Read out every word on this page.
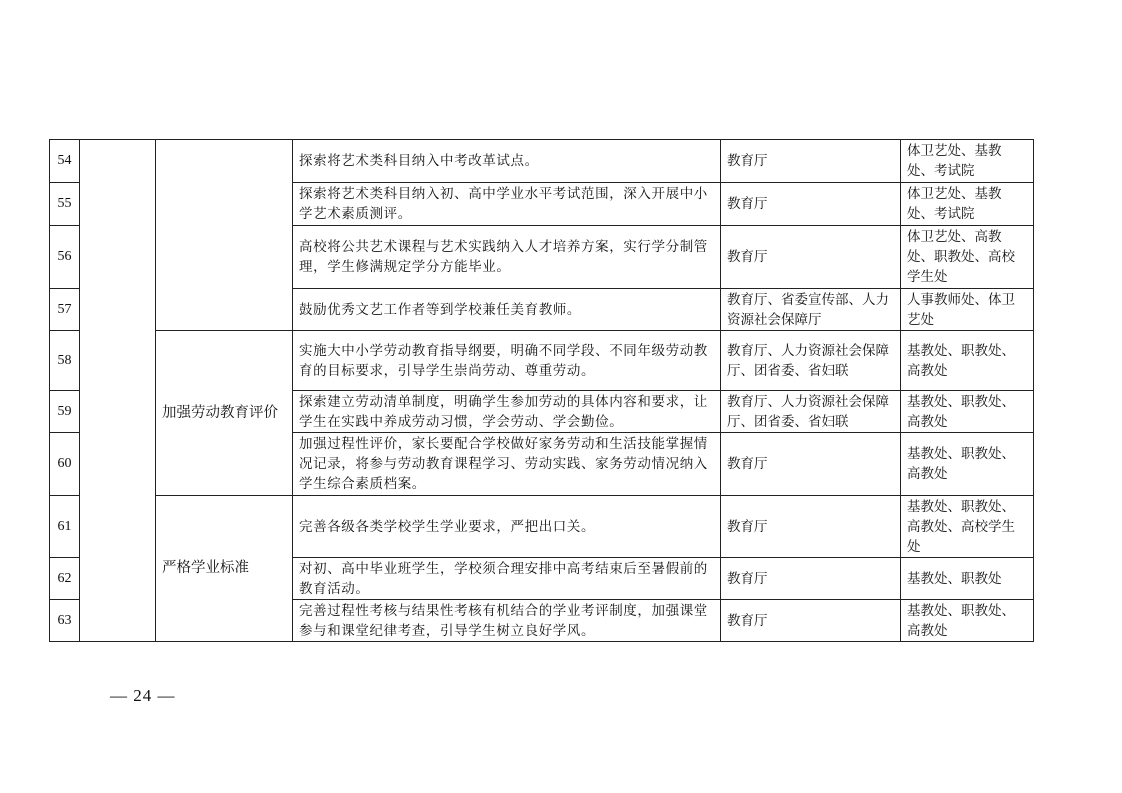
54			探索将艺术类科目纳入中考改革试点。	教育厅	体卫艺处、基教处、考试院
55			探索将艺术类科目纳入初、高中学业水平考试范围，深入开展中小学艺术素质测评。	教育厅	体卫艺处、基教处、考试院
56			高校将公共艺术课程与艺术实践纳入人才培养方案，实行学分制管理，学生修满规定学分方能毕业。	教育厅	体卫艺处、高教处、职教处、高校学生处
57			鼓励优秀文艺工作者等到学校兼任美育教师。	教育厅、省委宣传部、人力资源社会保障厅	人事教师处、体卫艺处
58		加强劳动教育评价	实施大中小学劳动教育指导纲要，明确不同学段、不同年级劳动教育的目标要求，引导学生崇尚劳动、尊重劳动。	教育厅、人力资源社会保障厅、团省委、省妇联	基教处、职教处、高教处
59			探索建立劳动清单制度，明确学生参加劳动的具体内容和要求，让学生在实践中养成劳动习惯，学会劳动、学会勤俭。	教育厅、人力资源社会保障厅、团省委、省妇联	基教处、职教处、高教处
60			加强过程性评价，家长要配合学校做好家务劳动和生活技能掌握情况记录，将参与劳动教育课程学习、劳动实践、家务劳动情况纳入学生综合素质档案。	教育厅	基教处、职教处、高教处
61		严格学业标准	完善各级各类学校学生学业要求，严把出口关。	教育厅	基教处、职教处、高教处、高校学生处
62			对初、高中毕业班学生，学校须合理安排中高考结束后至暑假前的教育活动。	教育厅	基教处、职教处
63			完善过程性考核与结果性考核有机结合的学业考评制度，加强课堂参与和课堂纪律考查，引导学生树立良好学风。	教育厅	基教处、职教处、高教处
— 24 —
